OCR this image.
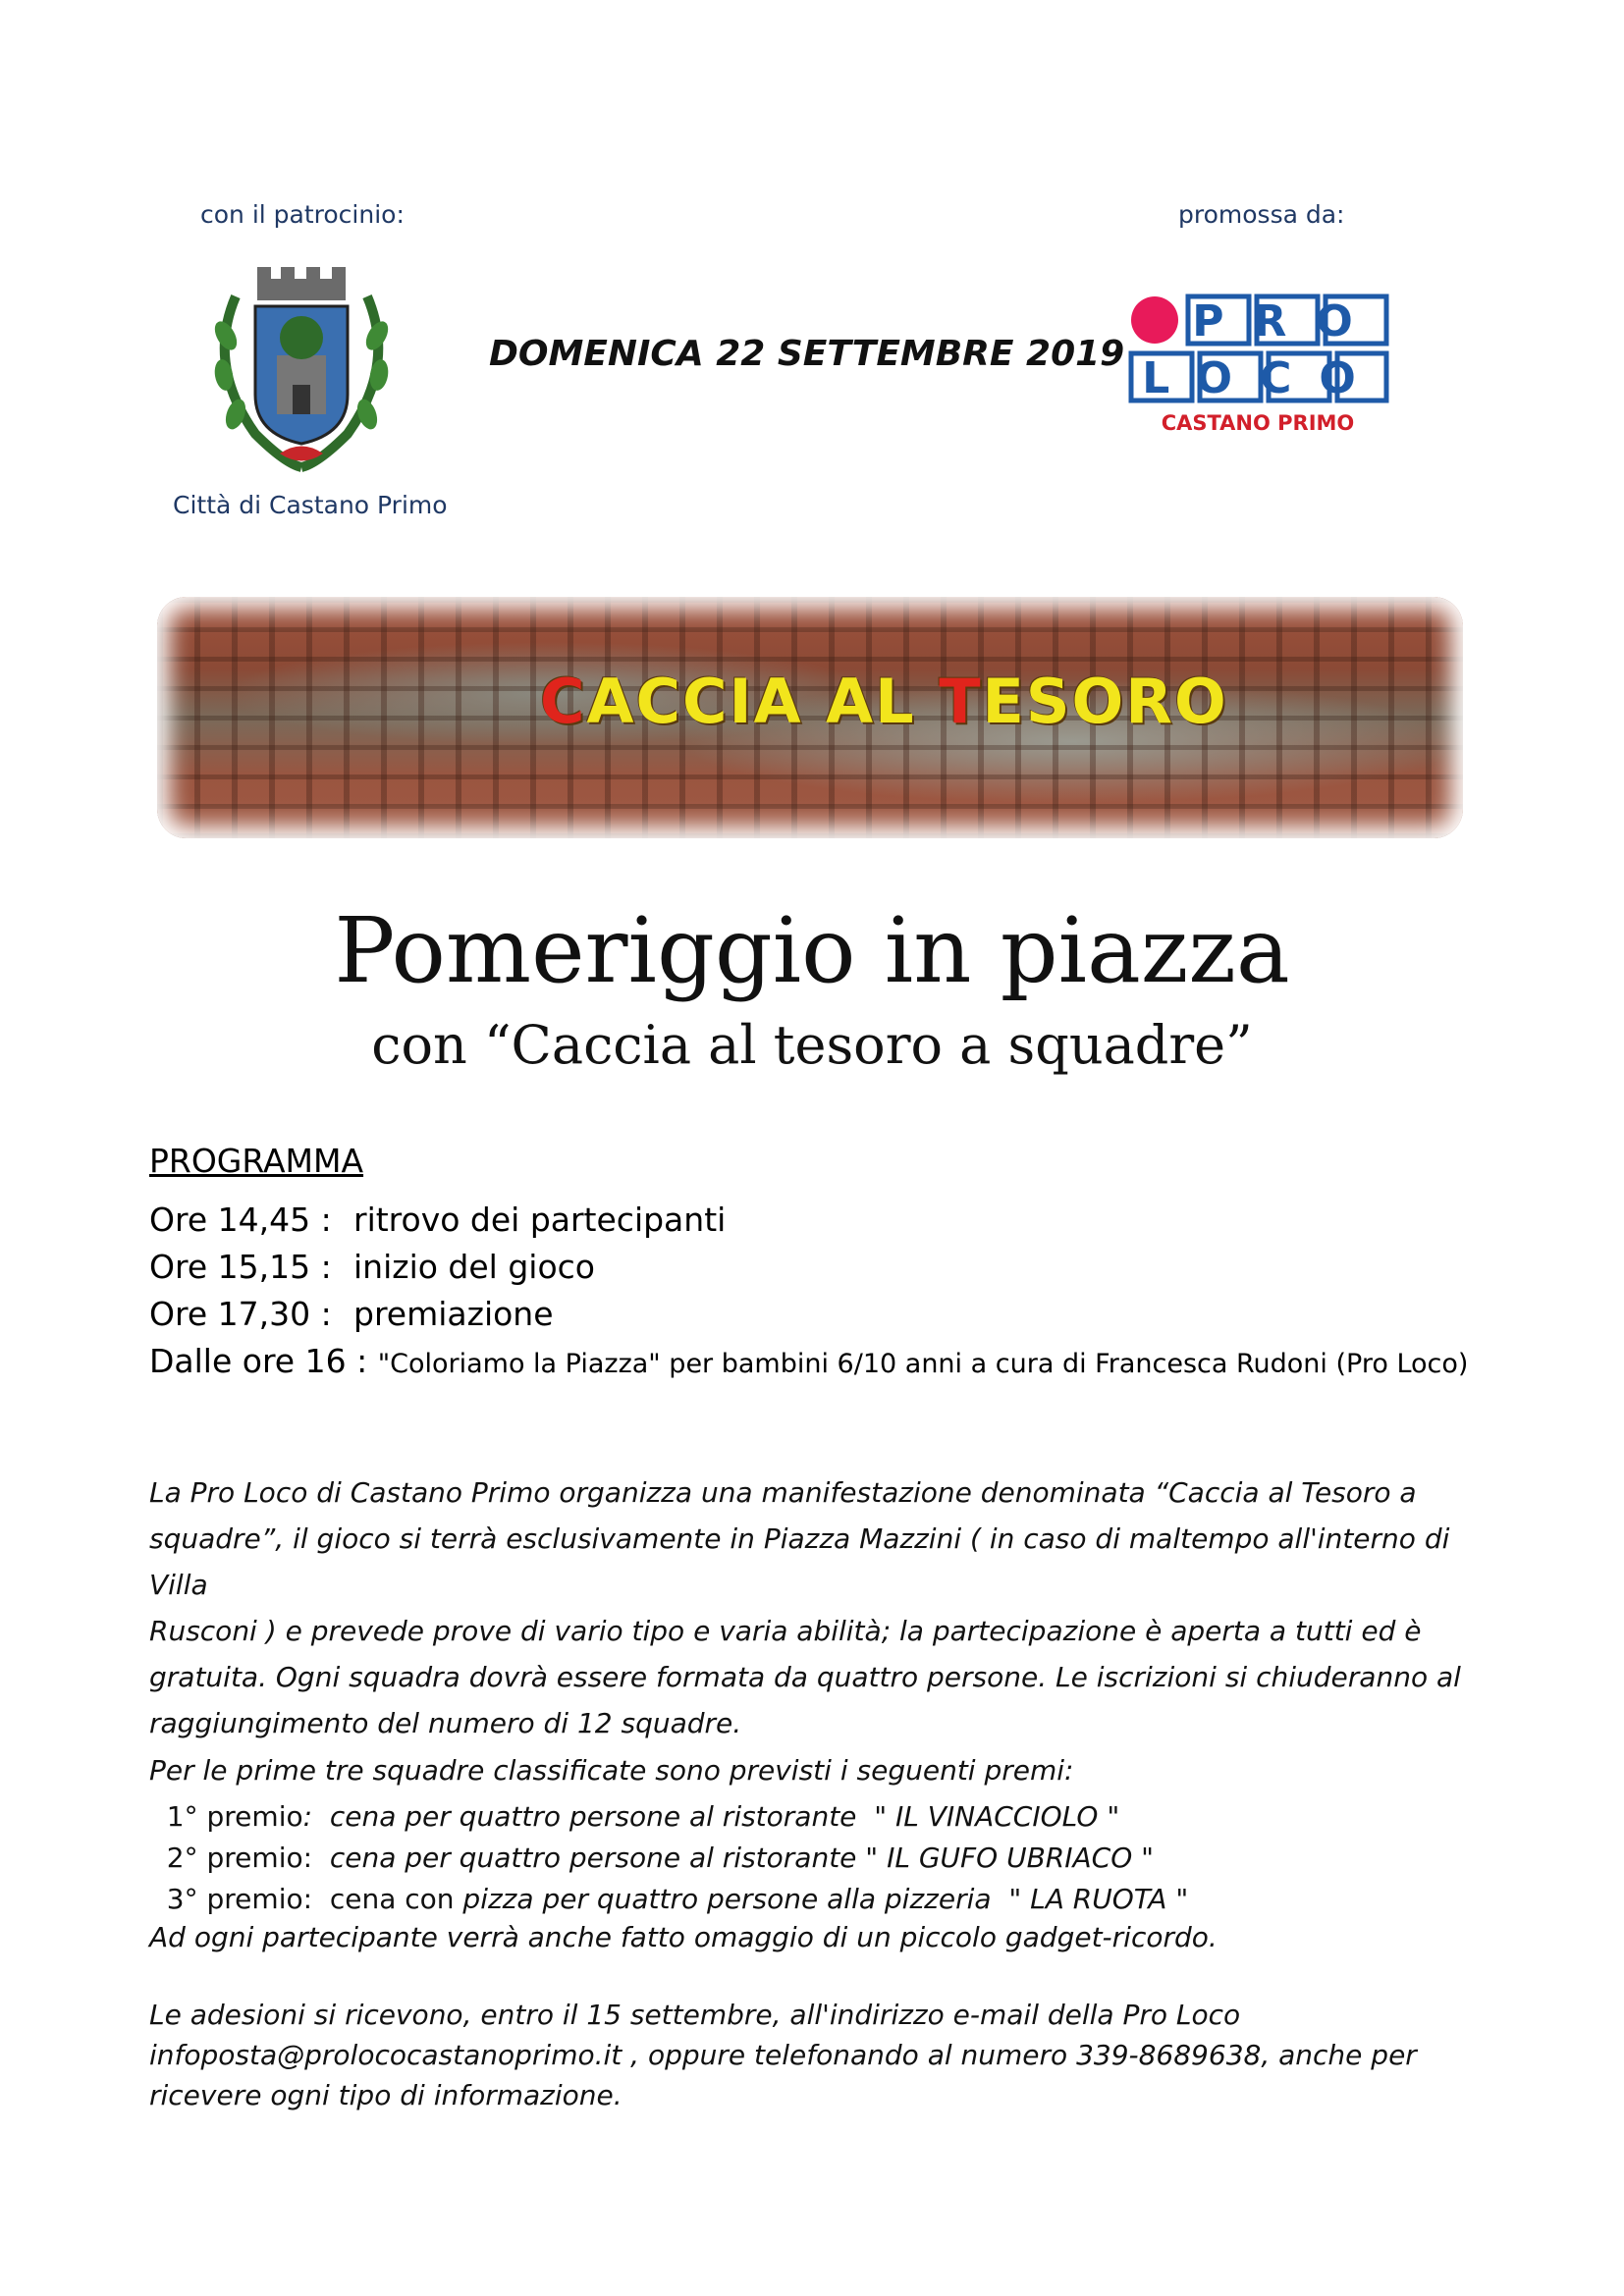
con il patrocinio:	promossa da:
Città di Castano Primo
DOMENICA 22 SETTEMBRE 2019
PRO
LOCO
CASTANO PRIMO
CACCIA AL TESORO
Pomeriggio in piazza
con “Caccia al tesoro a squadre”
PROGRAMMA
Ore 14,45 : ritrovo dei partecipanti
Ore 15,15 : inizio del gioco
Ore 17,30 : premiazione
Dalle ore 16 : "Coloriamo la Piazza" per bambini 6/10 anni a cura di Francesca Rudoni (Pro Loco)
La Pro Loco di Castano Primo organizza una manifestazione denominata “Caccia al Tesoro a
squadre”, il gioco si terrà esclusivamente in Piazza Mazzini ( in caso di maltempo all'interno di Villa
Rusconi ) e prevede prove di vario tipo e varia abilità; la partecipazione è aperta a tutti ed è
gratuita. Ogni squadra dovrà essere formata da quattro persone. Le iscrizioni si chiuderanno al
raggiungimento del numero di 12 squadre.
Per le prime tre squadre classificate sono previsti i seguenti premi:
1° premio:  cena per quattro persone al ristorante  " IL VINACCIOLO "
2° premio:  cena per quattro persone al ristorante " IL GUFO UBRIACO "
3° premio:  cena con pizza per quattro persone alla pizzeria  " LA RUOTA "
Ad ogni partecipante verrà anche fatto omaggio di un piccolo gadget-ricordo.
Le adesioni si ricevono, entro il 15 settembre, all'indirizzo e-mail della Pro Loco
infoposta@prolococastanoprimo.it , oppure telefonando al numero 339-8689638, anche per
ricevere ogni tipo di informazione.
